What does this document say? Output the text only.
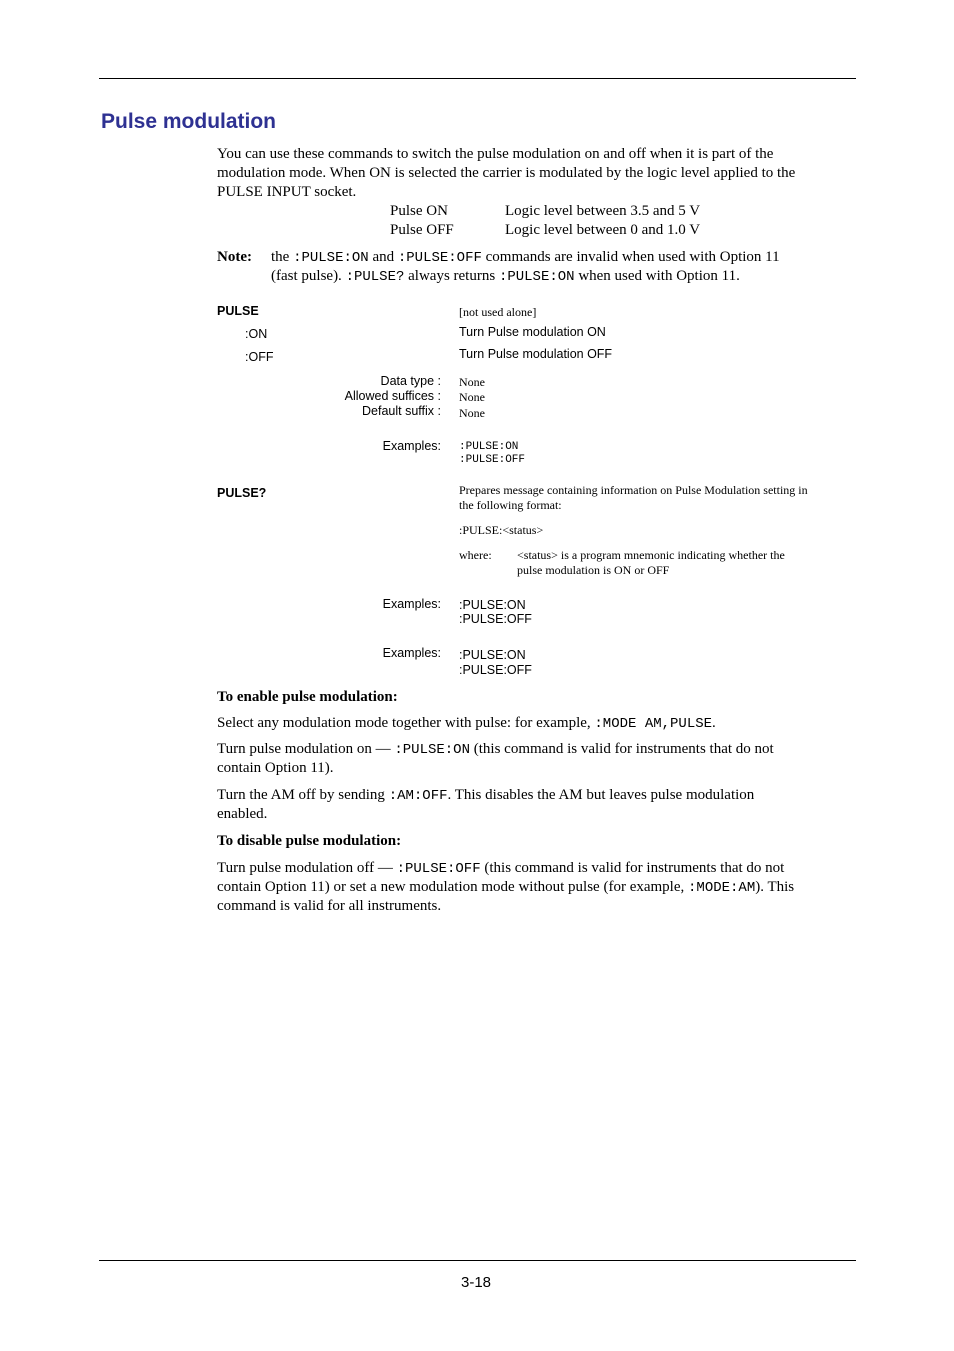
Pulse modulation
You can use these commands to switch the pulse modulation on and off when it is part of the
modulation mode. When ON is selected the carrier is modulated by the logic level applied to the
PULSE INPUT socket.
Pulse ON	Logic level between 3.5 and 5 V
Pulse OFF	Logic level between 0 and 1.0 V
Note: the :PULSE:ON and :PULSE:OFF commands are invalid when used with Option 11
(fast pulse). :PULSE? always returns :PULSE:ON when used with Option 11.
PULSE	[not used alone]
:ON	Turn Pulse modulation ON
:OFF	Turn Pulse modulation OFF
Data type : None
Allowed suffices : None
Default suffix : None
Examples: :PULSE:ON
:PULSE:OFF
PULSE?	Prepares message containing information on Pulse Modulation setting in
the following format:
:PULSE:<status>
where: <status> is a program mnemonic indicating whether the
pulse modulation is ON or OFF
Examples: :PULSE:ON
:PULSE:OFF
Examples: :PULSE:ON
:PULSE:OFF
To enable pulse modulation:
Select any modulation mode together with pulse: for example, :MODE AM,PULSE.
Turn pulse modulation on — :PULSE:ON (this command is valid for instruments that do not
contain Option 11).
Turn the AM off by sending :AM:OFF. This disables the AM but leaves pulse modulation
enabled.
To disable pulse modulation:
Turn pulse modulation off — :PULSE:OFF (this command is valid for instruments that do not
contain Option 11) or set a new modulation mode without pulse (for example, :MODE:AM). This
command is valid for all instruments.
3-18
